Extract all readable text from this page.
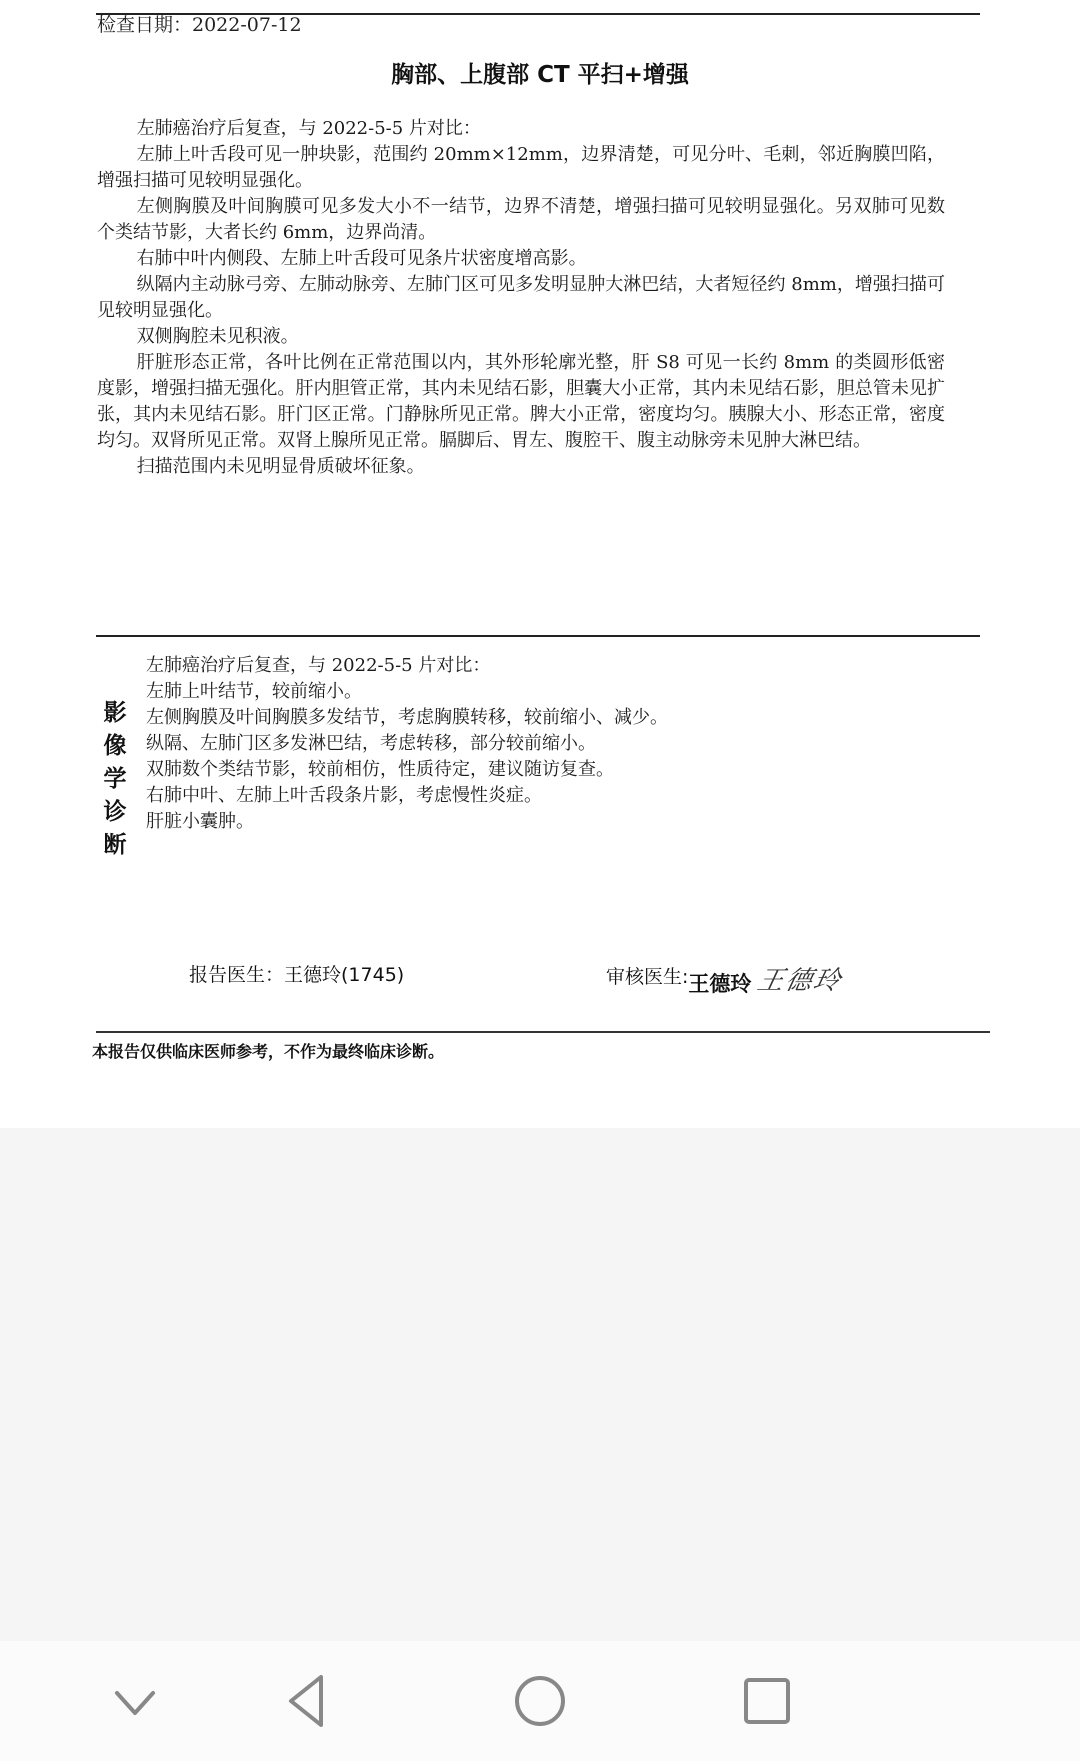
检查日期：2022-07-12
胸部、上腹部 CT 平扫+增强

左肺癌治疗后复查，与 2022-5-5 片对比：

左肺上叶舌段可见一肿块影，范围约 20mm×12mm，边界清楚，可见分叶、毛刺，邻近胸膜凹陷，增强扫描可见较明显强化。

左侧胸膜及叶间胸膜可见多发大小不一结节，边界不清楚，增强扫描可见较明显强化。另双肺可见数个类结节影，大者长约 6mm，边界尚清。

右肺中叶内侧段、左肺上叶舌段可见条片状密度增高影。

纵隔内主动脉弓旁、左肺动脉旁、左肺门区可见多发明显肿大淋巴结，大者短径约 8mm，增强扫描可见较明显强化。

双侧胸腔未见积液。

肝脏形态正常，各叶比例在正常范围以内，其外形轮廓光整，肝 S8 可见一长约 8mm 的类圆形低密度影，增强扫描无强化。肝内胆管正常，其内未见结石影，胆囊大小正常，其内未见结石影，胆总管未见扩张，其内未见结石影。肝门区正常。门静脉所见正常。脾大小正常，密度均匀。胰腺大小、形态正常，密度均匀。双肾所见正常。双肾上腺所见正常。膈脚后、胃左、腹腔干、腹主动脉旁未见肿大淋巴结。

扫描范围内未见明显骨质破坏征象。

影
像
学
诊
断

左肺癌治疗后复查，与 2022-5-5 片对比：

左肺上叶结节，较前缩小。

左侧胸膜及叶间胸膜多发结节，考虑胸膜转移，较前缩小、减少。

纵隔、左肺门区多发淋巴结，考虑转移，部分较前缩小。

双肺数个类结节影，较前相仿，性质待定，建议随访复查。

右肺中叶、左肺上叶舌段条片影，考虑慢性炎症。

肝脏小囊肿。

报告医生：王德玲(1745)	审核医生:王德玲 王德玲
本报告仅供临床医师参考，不作为最终临床诊断。
